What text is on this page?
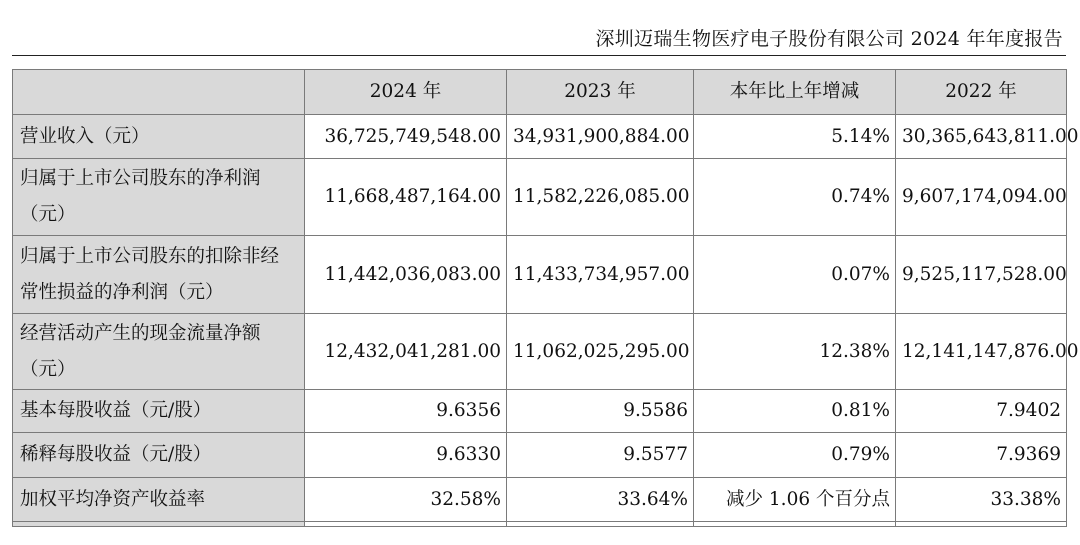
深圳迈瑞生物医疗电子股份有限公司 2024 年年度报告
	2024 年	2023 年	本年比上年增减	2022 年

营业收入（元）	36,725,749,548.00	34,931,900,884.00	5.14%	30,365,643,811.00

归属于上市公司股东的净利润
（元）	11,668,487,164.00	11,582,226,085.00	0.74%	9,607,174,094.00

归属于上市公司股东的扣除非经
常性损益的净利润（元）	11,442,036,083.00	11,433,734,957.00	0.07%	9,525,117,528.00

经营活动产生的现金流量净额
（元）	12,432,041,281.00	11,062,025,295.00	12.38%	12,141,147,876.00

基本每股收益（元/股）	9.6356	9.5586	0.81%	7.9402

稀释每股收益（元/股）	9.6330	9.5577	0.79%	7.9369

加权平均净资产收益率	32.58%	33.64%	减少 1.06 个百分点	33.38%
